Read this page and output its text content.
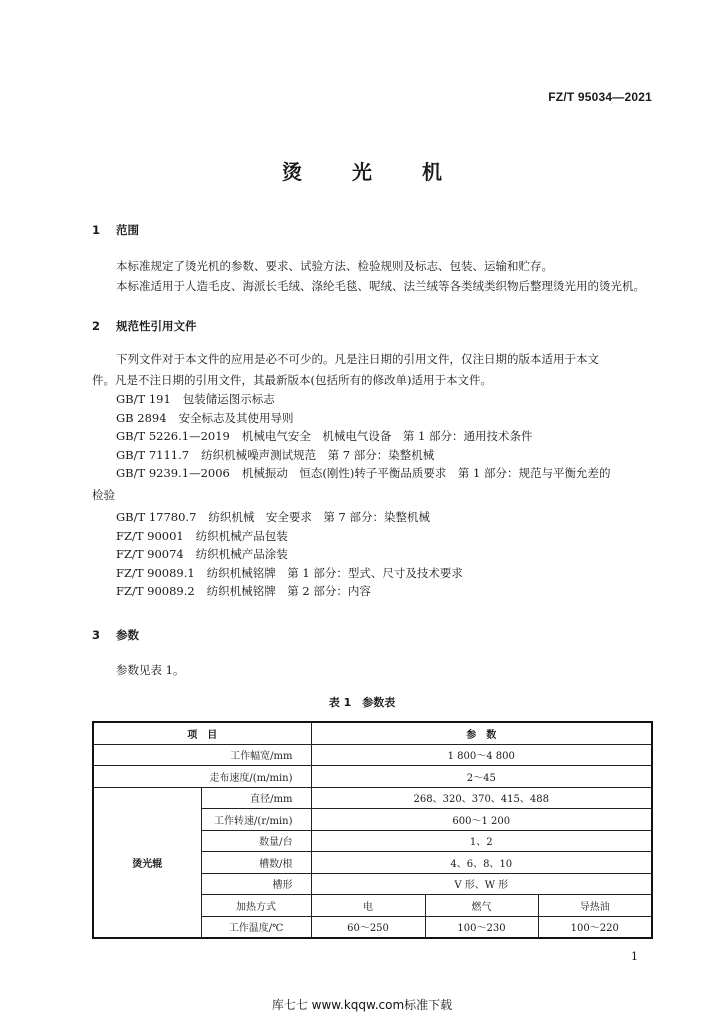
FZ/T 95034—2021
烫	光	机
1 范围
本标准规定了烫光机的参数、要求、试验方法、检验规则及标志、包装、运输和贮存。
本标准适用于人造毛皮、海派长毛绒、涤纶毛毯、呢绒、法兰绒等各类绒类织物后整理烫光用的烫光机。
2 规范性引用文件
下列文件对于本文件的应用是必不可少的。凡是注日期的引用文件，仅注日期的版本适用于本文
件。凡是不注日期的引用文件，其最新版本(包括所有的修改单)适用于本文件。
GB/T 191 包装储运图示标志
GB 2894 安全标志及其使用导则
GB/T 5226.1—2019 机械电气安全　机械电气设备　第 1 部分：通用技术条件
GB/T 7111.7 纺织机械噪声测试规范　第 7 部分：染整机械
GB/T 9239.1—2006 机械振动　恒态(刚性)转子平衡品质要求　第 1 部分：规范与平衡允差的
检验
GB/T 17780.7 纺织机械　安全要求　第 7 部分：染整机械
FZ/T 90001 纺织机械产品包装
FZ/T 90074 纺织机械产品涂装
FZ/T 90089.1 纺织机械铭牌　第 1 部分：型式、尺寸及技术要求
FZ/T 90089.2 纺织机械铭牌　第 2 部分：内容
3 参数
参数见表 1。
表 1　参数表
项　目		参　数		
工作幅宽/mm		1 800～4 800		
走布速度/(m/min)		2～45		
烫光辊	直径/mm	268、320、370、415、488		
	工作转速/(r/min)	600～1 200		
	数量/台	1、2		
	槽数/根	4、6、8、10		
	槽形	V 形、W 形		
	加热方式	电	燃气	导热油
	工作温度/℃	60～250	100～230	100～220
1
库七七 www.kqqw.com标准下载
